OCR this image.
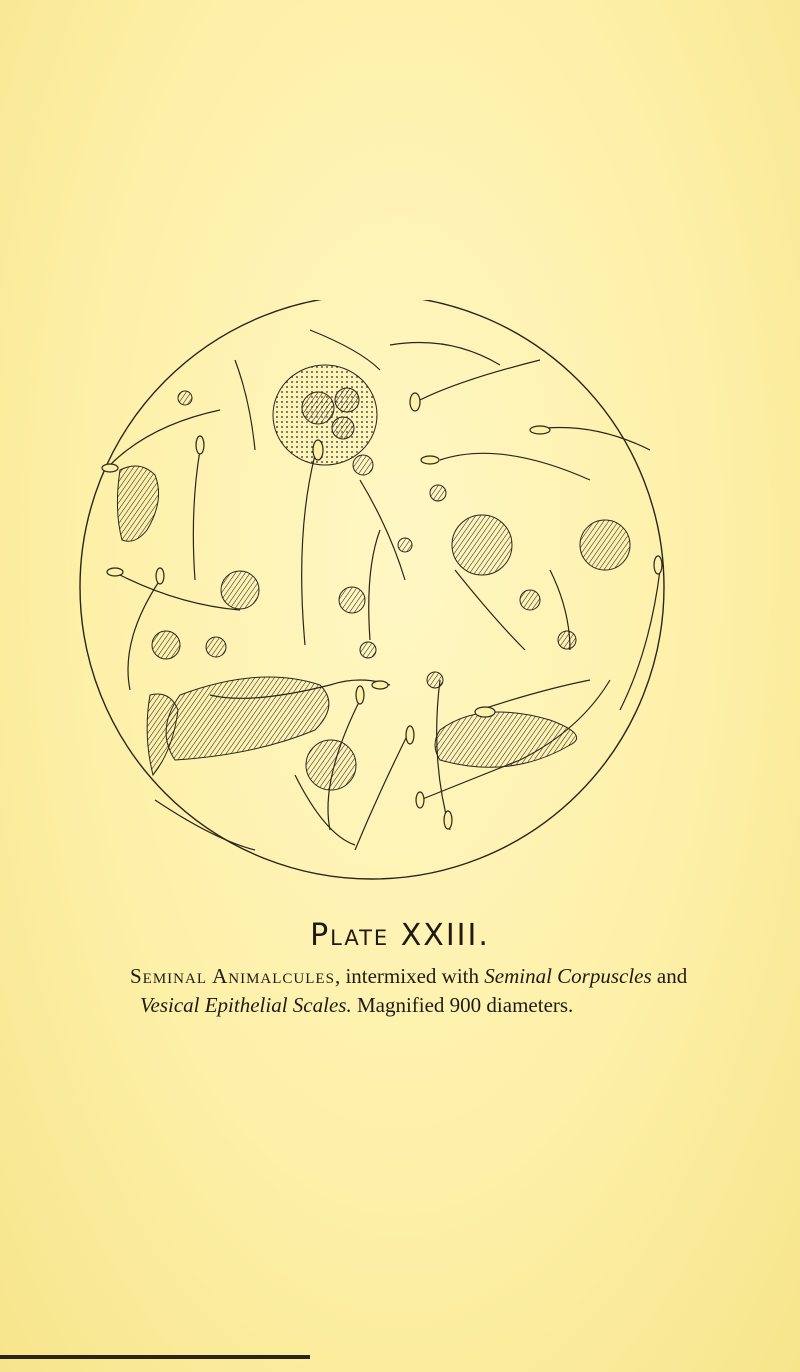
Plate XXIII.
Seminal Animalcules, intermixed with Seminal Corpuscles and
Vesical Epithelial Scales. Magnified 900 diameters.
